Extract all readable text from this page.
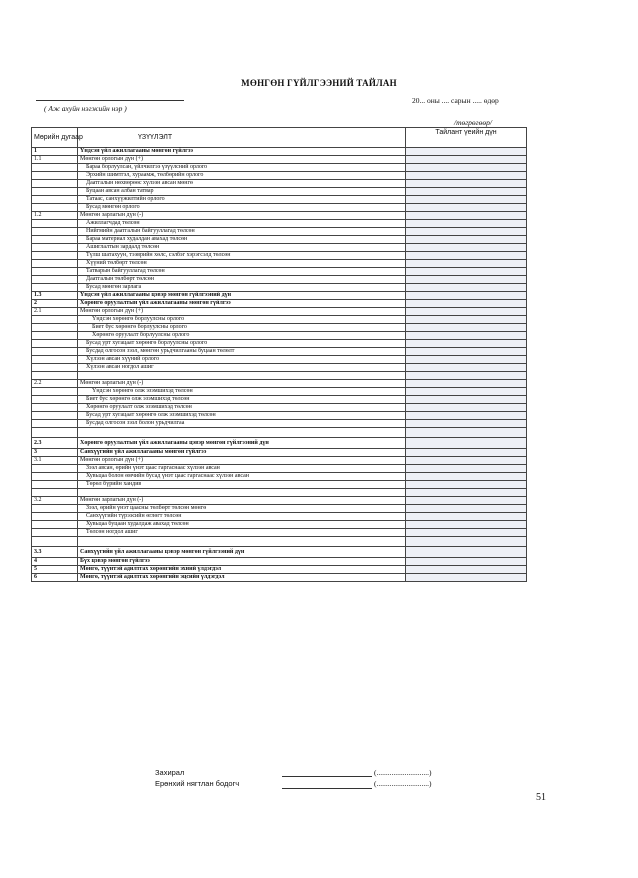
МӨНГӨН ГҮЙЛГЭЭНИЙ ТАЙЛАН
( Аж ахуйн нэгжийн нэр )
20... оны .... сарын ..... өдөр
/төгрөгөөр/
Мөрийн дугаар	ҮЗҮҮЛЭЛТ	Тайлант үеийн дүн
1	Үндсэн үйл ажиллагааны мөнгөн гүйлгээ	
1.1	Мөнгөн орлогын дүн (+)	
	Бараа борлуулсан, үйлчилгээ үзүүлсний орлого	
	Эрхийн шимтгэл, хураамж, төлбөрийн орлого	
	Даатгалын нөхвөрөөс хүлээн авсан мөнгө	
	Буцаан авсан албан татвар	
	Татаас, санхүүжилтийн орлого	
	Бусад мөнгөн орлого	
1.2	Мөнгөн зарлагын дүн (-)	
	Ажиллагчдад төлсөн	
	Нийгмийн даатгалын байгууллагад төлсөн	
	Бараа материал худалдан авахад төлсөн	
	Ашиглалтын зардалд төлсөн	
	Түлш шатахуун, тээврийн хөлс, сэлбэг хэрэгсэлд төлсөн	
	Хүүний төлбөрт төлсөн	
	Татварын байгууллагад төлсөн	
	Даатгалын төлбөрт төлсөн	
	Бусад мөнгөн зарлага	
1.3	Үндсэн үйл ажиллагааны цэвэр мөнгөн гүйлгээний дүн	
2	Хөрөнгө оруулалтын үйл ажиллагааны мөнгөн гүйлгээ	
2.1	Мөнгөн орлогын дүн (+)	
	Үндсэн хөрөнгө борлуулсны орлого	
	Биет бус хөрөнгө борлуулсны орлого	
	Хөрөнгө оруулалт борлуулсны орлого	
	Бусад урт хугацаат хөрөнгө борлуулсны орлого	
	Бусдад олгосон зээл, мөнгөн урьдчилгааны буцаан төлөлт	
	Хүлээн авсан хүүний орлого	
	Хүлээн авсан ногдол ашиг	

2.2	Мөнгөн зарлагын дүн (-)	
	Үндсэн хөрөнгө олж эзэмшихэд төлсөн	
	Биет бус хөрөнгө олж эзэмшихэд төлсөн	
	Хөрөнгө оруулалт олж эзэмшихэд төлсөн	
	Бусад урт хугацаат хөрөнгө олж эзэмшихэд төлсөн	
	Бусдад олгосон зээл болон урьдчилгаа	

2.3	Хөрөнгө оруулалтын үйл ажиллагааны цэвэр мөнгөн гүйлгээний дүн	
3	Санхүүгийн үйл ажиллагааны мөнгөн гүйлгээ	
3.1	Мөнгөн орлогын дүн (+)	
	Зээл авсан, өрийн үнэт цаас гаргаснаас хүлээн авсан	
	Хувьцаа болон өмчийн бусад үнэт цаас гаргаснаас хүлээн авсан	
	Төрөл бүрийн хандив	

3.2	Мөнгөн зарлагын дүн (-)	
	Зээл, өрийн үнэт цаасны төлбөрт төлсөн мөнгө	
	Санхүүгийн түрээсийн өглөгт төлсөн	
	Хувьцаа буцаан худалдаж авахад төлсөн	
	Төлсөн ногдол ашиг	

3.3	Санхүүгийн үйл ажиллагааны цэвэр мөнгөн гүйлгээний дүн	
4	Бүх цэвэр мөнгөн гүйлгээ	
5	Мөнгө, түүнтэй адилтгах хөрөнгийн эхний үлдэгдэл	
6	Мөнгө, түүнтэй адилтгах хөрөнгийн эцсийн үлдэгдэл	
Захирал	(............................)
Ерөнхий нягтлан бодогч	(............................)
51
